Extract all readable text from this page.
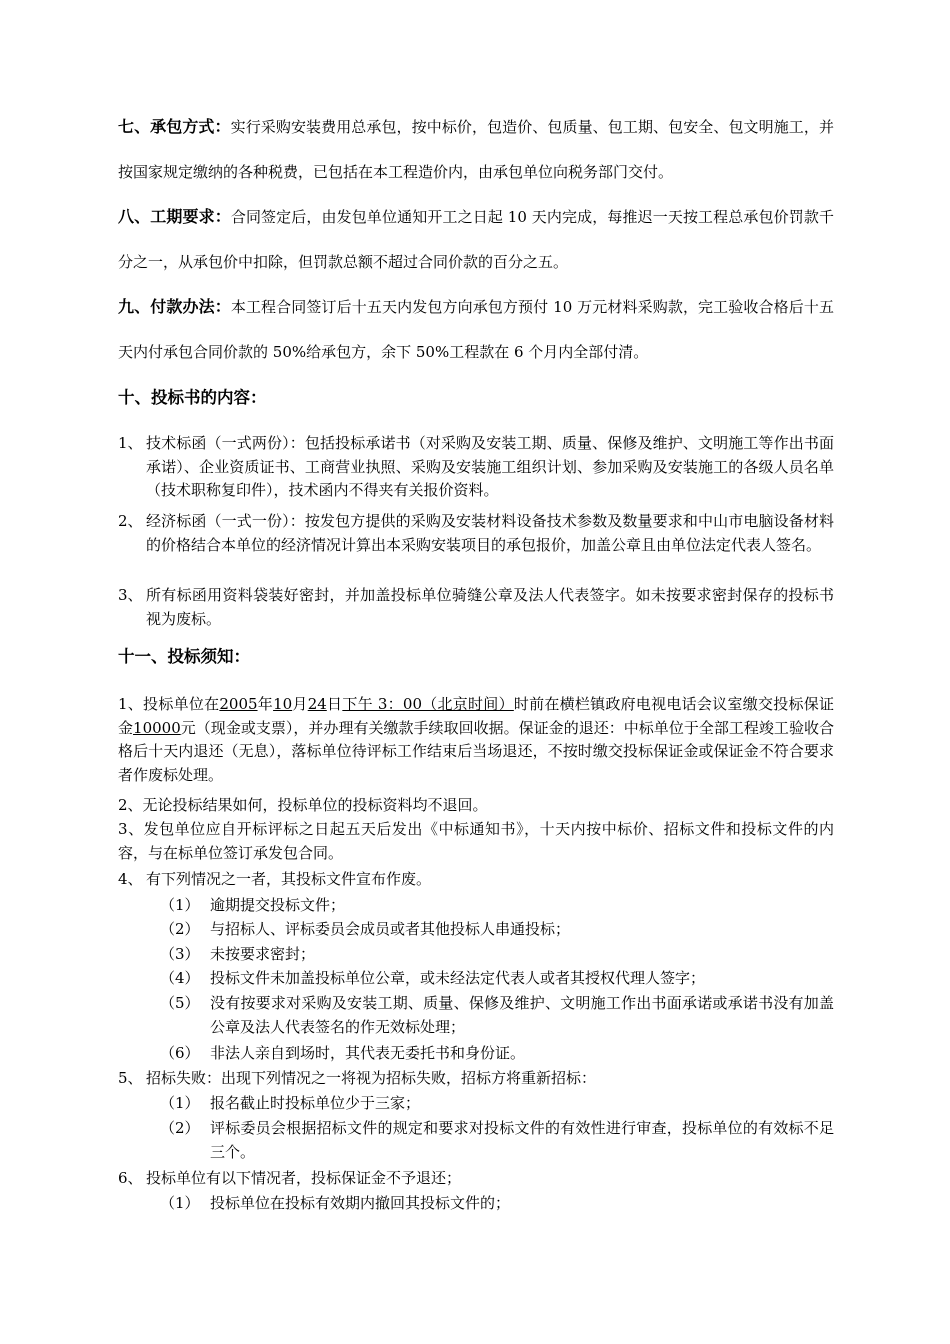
七、承包方式：实行采购安装费用总承包，按中标价，包造价、包质量、包工期、包安全、包文明施工，并按国家规定缴纳的各种税费，已包括在本工程造价内，由承包单位向税务部门交付。
八、工期要求：合同签定后，由发包单位通知开工之日起 10 天内完成，每推迟一天按工程总承包价罚款千分之一，从承包价中扣除，但罚款总额不超过合同价款的百分之五。
九、付款办法：本工程合同签订后十五天内发包方向承包方预付 10 万元材料采购款，完工验收合格后十五天内付承包合同价款的 50%给承包方，余下 50%工程款在 6 个月内全部付清。
十、投标书的内容：
1、 技术标函（一式两份）：包括投标承诺书（对采购及安装工期、质量、保修及维护、文明施工等作出书面承诺）、企业资质证书、工商营业执照、采购及安装施工组织计划、参加采购及安装施工的各级人员名单（技术职称复印件），技术函内不得夹有关报价资料。
2、 经济标函（一式一份）：按发包方提供的采购及安装材料设备技术参数及数量要求和中山市电脑设备材料的价格结合本单位的经济情况计算出本采购安装项目的承包报价，加盖公章且由单位法定代表人签名。
3、 所有标函用资料袋装好密封，并加盖投标单位骑缝公章及法人代表签字。如未按要求密封保存的投标书视为废标。
十一、投标须知：
1、投标单位在2005年10月24日下午 3：00（北京时间）时前在横栏镇政府电视电话会议室缴交投标保证金10000元（现金或支票），并办理有关缴款手续取回收据。保证金的退还：中标单位于全部工程竣工验收合格后十天内退还（无息），落标单位待评标工作结束后当场退还，不按时缴交投标保证金或保证金不符合要求者作废标处理。
2、无论投标结果如何，投标单位的投标资料均不退回。
3、发包单位应自开标评标之日起五天后发出《中标通知书》，十天内按中标价、招标文件和投标文件的内容，与在标单位签订承发包合同。
4、 有下列情况之一者，其投标文件宣布作废。
（1） 逾期提交投标文件；
（2） 与招标人、评标委员会成员或者其他投标人串通投标；
（3） 未按要求密封；
（4） 投标文件未加盖投标单位公章，或未经法定代表人或者其授权代理人签字；
（5） 没有按要求对采购及安装工期、质量、保修及维护、文明施工作出书面承诺或承诺书没有加盖公章及法人代表签名的作无效标处理；
（6） 非法人亲自到场时，其代表无委托书和身份证。
5、 招标失败：出现下列情况之一将视为招标失败，招标方将重新招标：
（1） 报名截止时投标单位少于三家；
（2） 评标委员会根据招标文件的规定和要求对投标文件的有效性进行审查，投标单位的有效标不足三个。
6、 投标单位有以下情况者，投标保证金不予退还；
（1） 投标单位在投标有效期内撤回其投标文件的；
